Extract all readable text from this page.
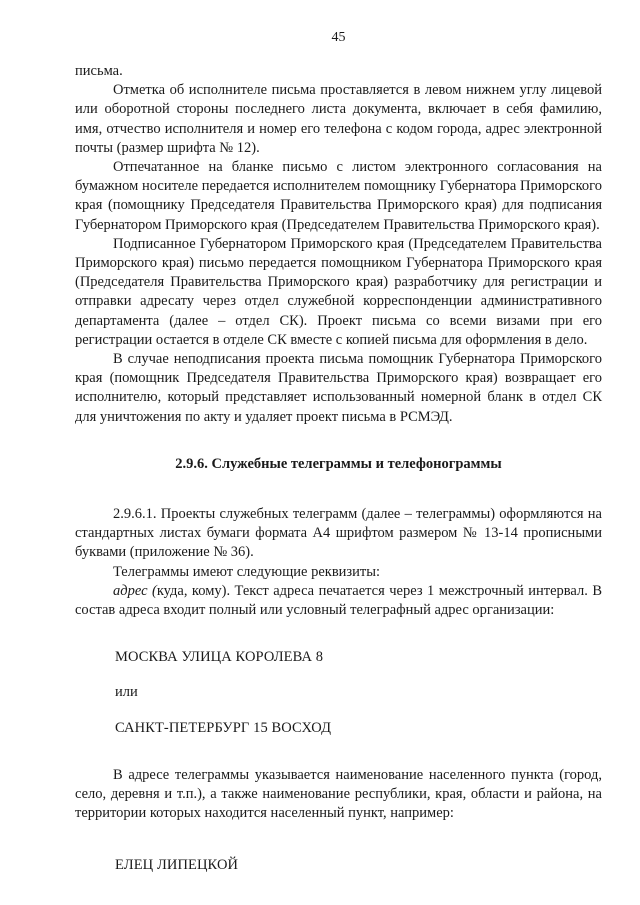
45

письма.

Отметка об исполнителе письма проставляется в левом нижнем углу лицевой или оборотной стороны последнего листа документа, включает в себя фамилию, имя, отчество исполнителя и номер его телефона с кодом города, адрес электронной почты (размер шрифта № 12).

Отпечатанное на бланке письмо с листом электронного согласования на бумажном носителе передается исполнителем помощнику Губернатора Приморского края (помощнику Председателя Правительства Приморского края) для подписания Губернатором Приморского края (Председателем Правительства Приморского края).

Подписанное Губернатором Приморского края (Председателем Правительства Приморского края) письмо передается помощником Губернатора Приморского края (Председателя Правительства Приморского края) разработчику для регистрации и отправки адресату через отдел служебной корреспонденции административного департамента (далее – отдел СК). Проект письма со всеми визами при его регистрации остается в отделе СК вместе с копией письма для оформления в дело.

В случае неподписания проекта письма помощник Губернатора Приморского края (помощник Председателя Правительства Приморского края) возвращает его исполнителю, который представляет использованный номерной бланк в отдел СК для уничтожения по акту и удаляет проект письма в РСМЭД.

2.9.6. Служебные телеграммы и телефонограммы

2.9.6.1. Проекты служебных телеграмм (далее – телеграммы) оформляются на стандартных листах бумаги формата А4 шрифтом размером № 13-14 прописными буквами (приложение № 36).

Телеграммы имеют следующие реквизиты:

адрес (куда, кому). Текст адреса печатается через 1 межстрочный интервал. В состав адреса входит полный или условный телеграфный адрес организации:

МОСКВА УЛИЦА КОРОЛЕВА 8

или

САНКТ-ПЕТЕРБУРГ 15 ВОСХОД

В адресе телеграммы указывается наименование населенного пункта (город, село, деревня и т.п.), а также наименование республики, края, области и района, на территории которых находится населенный пункт, например:

ЕЛЕЦ ЛИПЕЦКОЙ
